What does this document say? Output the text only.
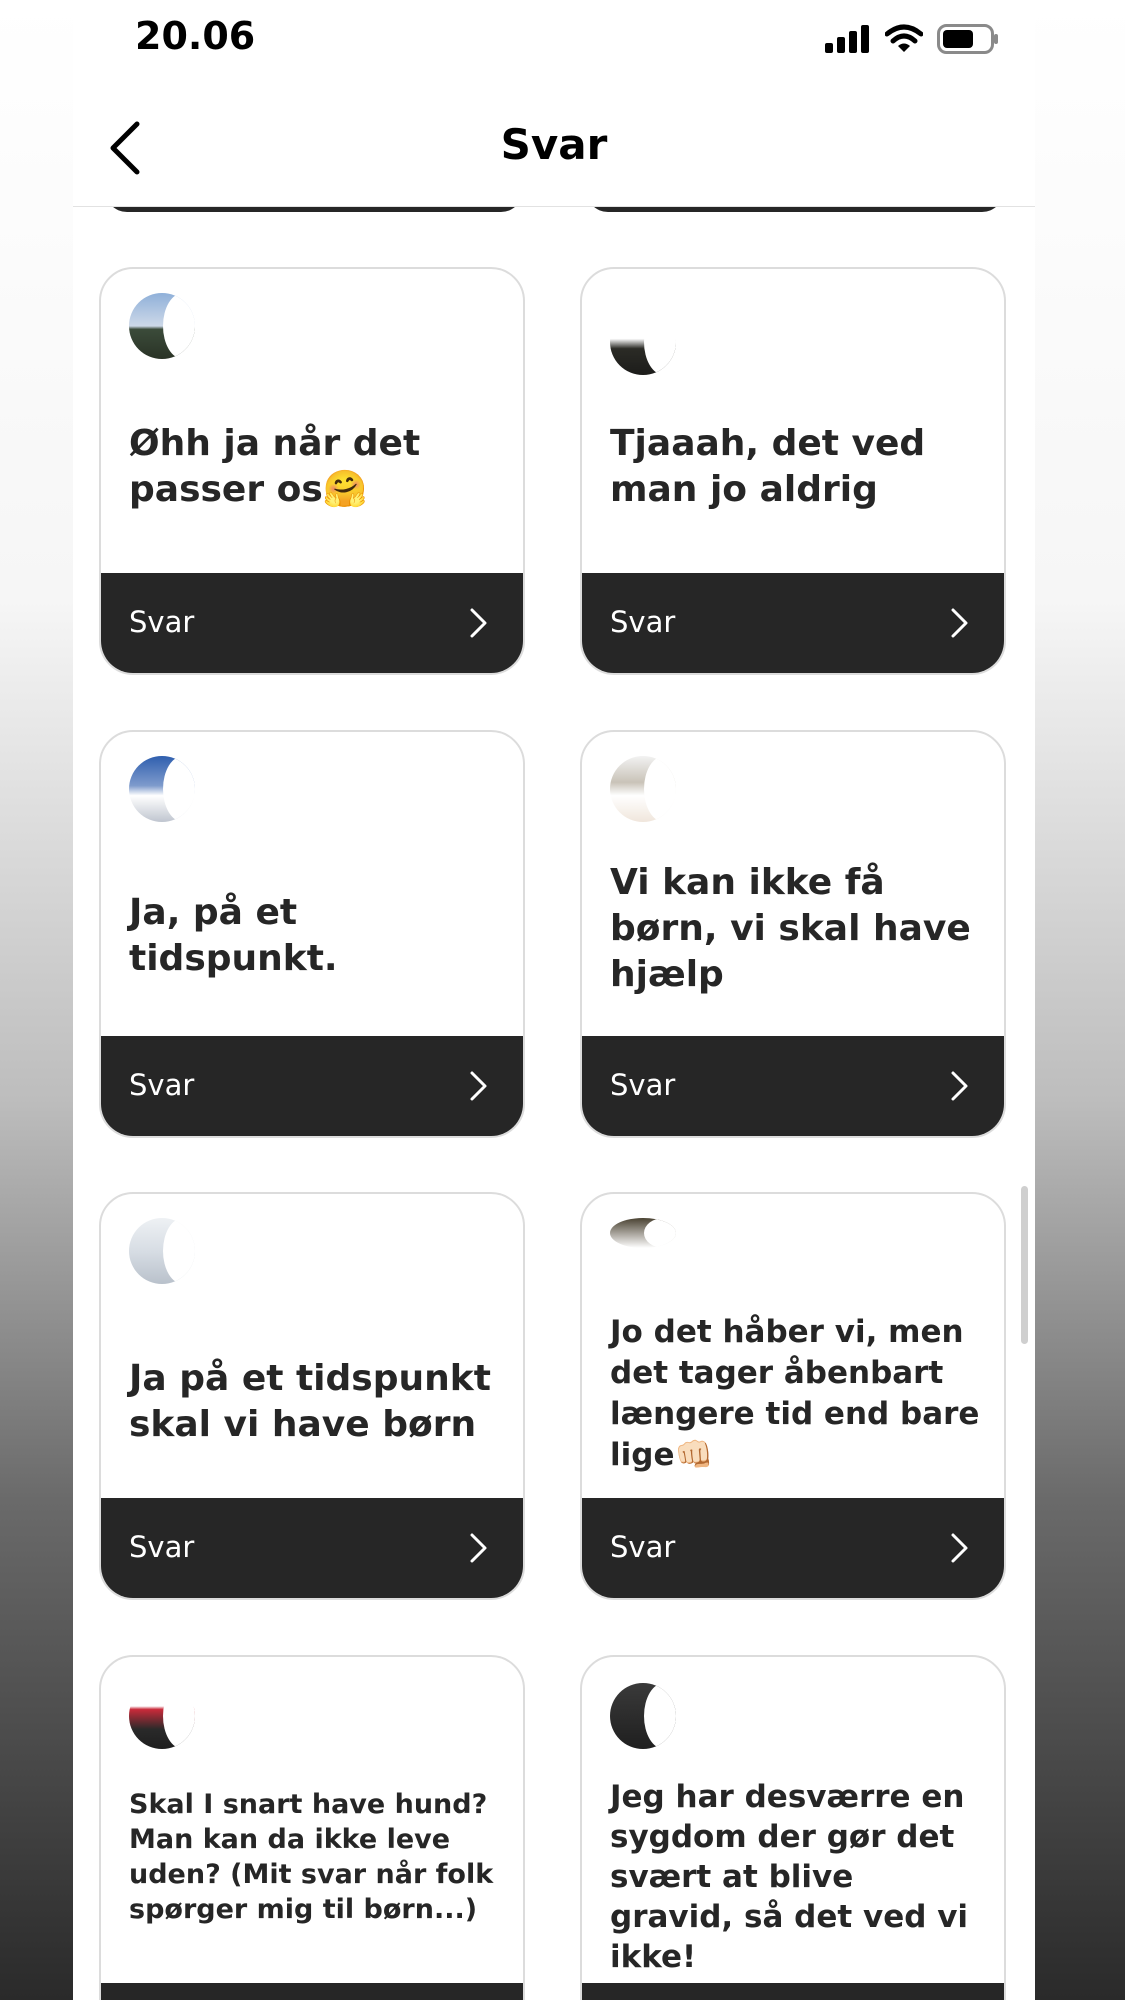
20.06
Svar
Øhh ja når det passer os🤗
Svar
Tjaaah, det ved man jo aldrig
Svar
Ja, på et tidspunkt.
Svar
Vi kan ikke få børn, vi skal have hjælp
Svar
Ja på et tidspunkt skal vi have børn
Svar
Jo det håber vi, men det tager åbenbart længere tid end bare lige👊🏻
Svar
Skal I snart have hund? Man kan da ikke leve uden? (Mit svar når folk spørger mig til børn...)
Jeg har desværre en sygdom der gør det svært at blive gravid, så det ved vi ikke!
